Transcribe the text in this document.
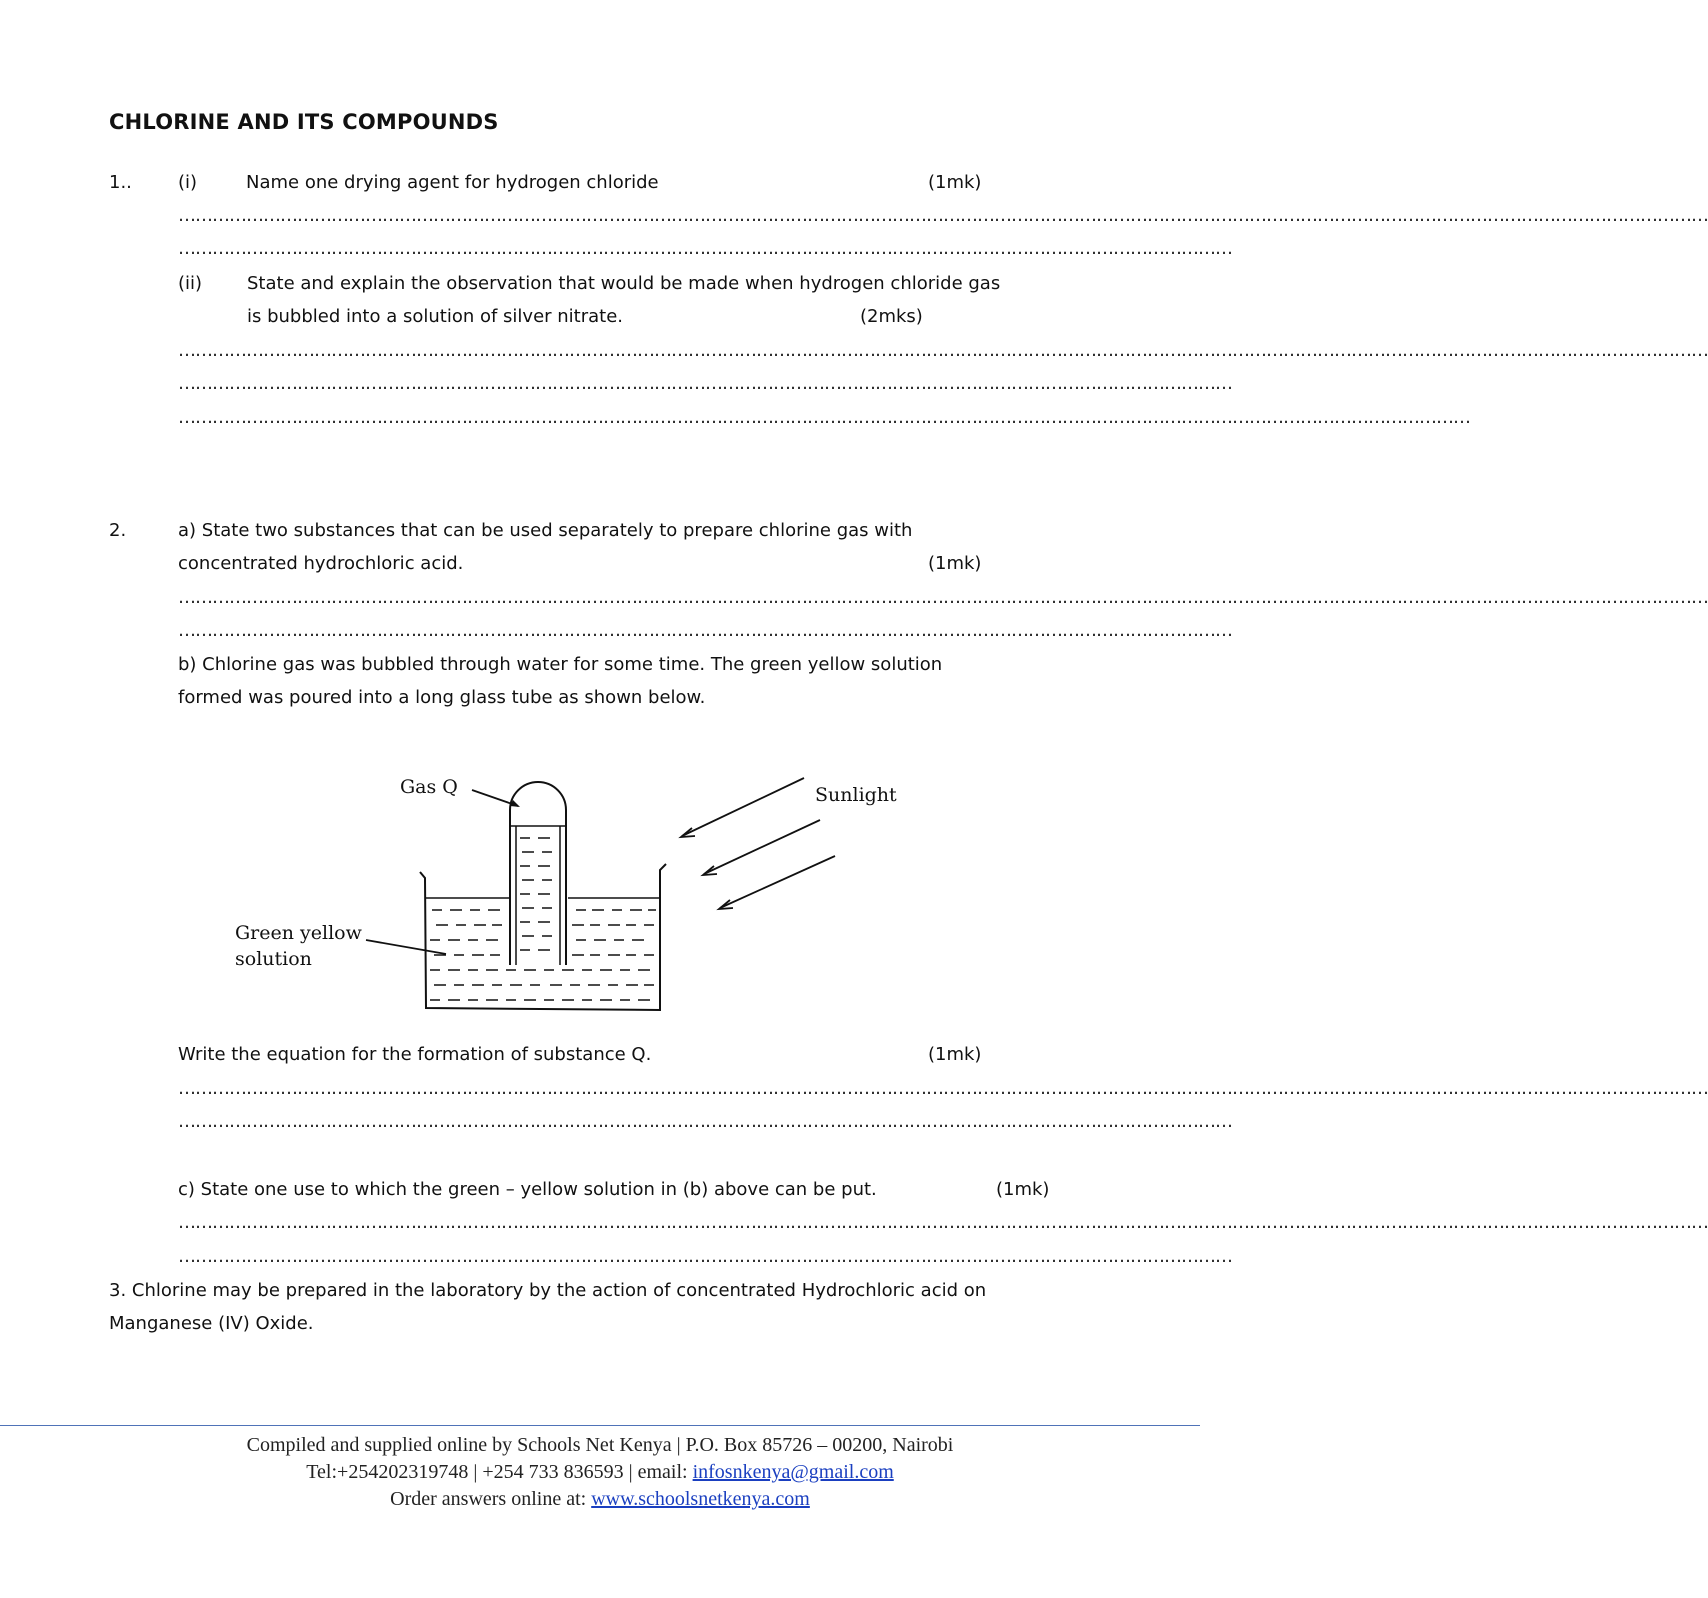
CHLORINE AND ITS COMPOUNDS
1..	(i)	Name one drying agent for hydrogen chloride	(1mk)
………………………………………………………………………………………………………………………………………………………………………………………………………………………………………………
……………………………………………………………………………………………………………………………………………………………………
(ii) State and explain the observation that would be made when hydrogen chloride gas
is bubbled into a solution of silver nitrate.	(2mks)
………………………………………………………………………………………………………………………………………………………………………………………………………………………………………………
……………………………………………………………………………………………………………………………………………………………………
…………………………………………………………………………………………………………………………………………………………………………………………………………
2.	a) State two substances that can be used separately to prepare chlorine gas with
concentrated hydrochloric acid.	(1mk)
………………………………………………………………………………………………………………………………………………………………………………………………………………………………………………
……………………………………………………………………………………………………………………………………………………………………
b) Chlorine gas was bubbled through water for some time. The green yellow solution
formed was poured into a long glass tube as shown below.
Gas Q	Sunlight
Green yellow
solution
Write the equation for the formation of substance Q.	(1mk)
………………………………………………………………………………………………………………………………………………………………………………………………………………………………………………
……………………………………………………………………………………………………………………………………………………………………
c) State one use to which the green – yellow solution in (b) above can be put.	(1mk)
………………………………………………………………………………………………………………………………………………………………………………………………………………………………………………
……………………………………………………………………………………………………………………………………………………………………
3. Chlorine may be prepared in the laboratory by the action of concentrated Hydrochloric acid on
Manganese (IV) Oxide.
Compiled and supplied online by Schools Net Kenya | P.O. Box 85726 – 00200, Nairobi
Tel:+254202319748 | +254 733 836593 | email: infosnkenya@gmail.com
Order answers online at: www.schoolsnetkenya.com
